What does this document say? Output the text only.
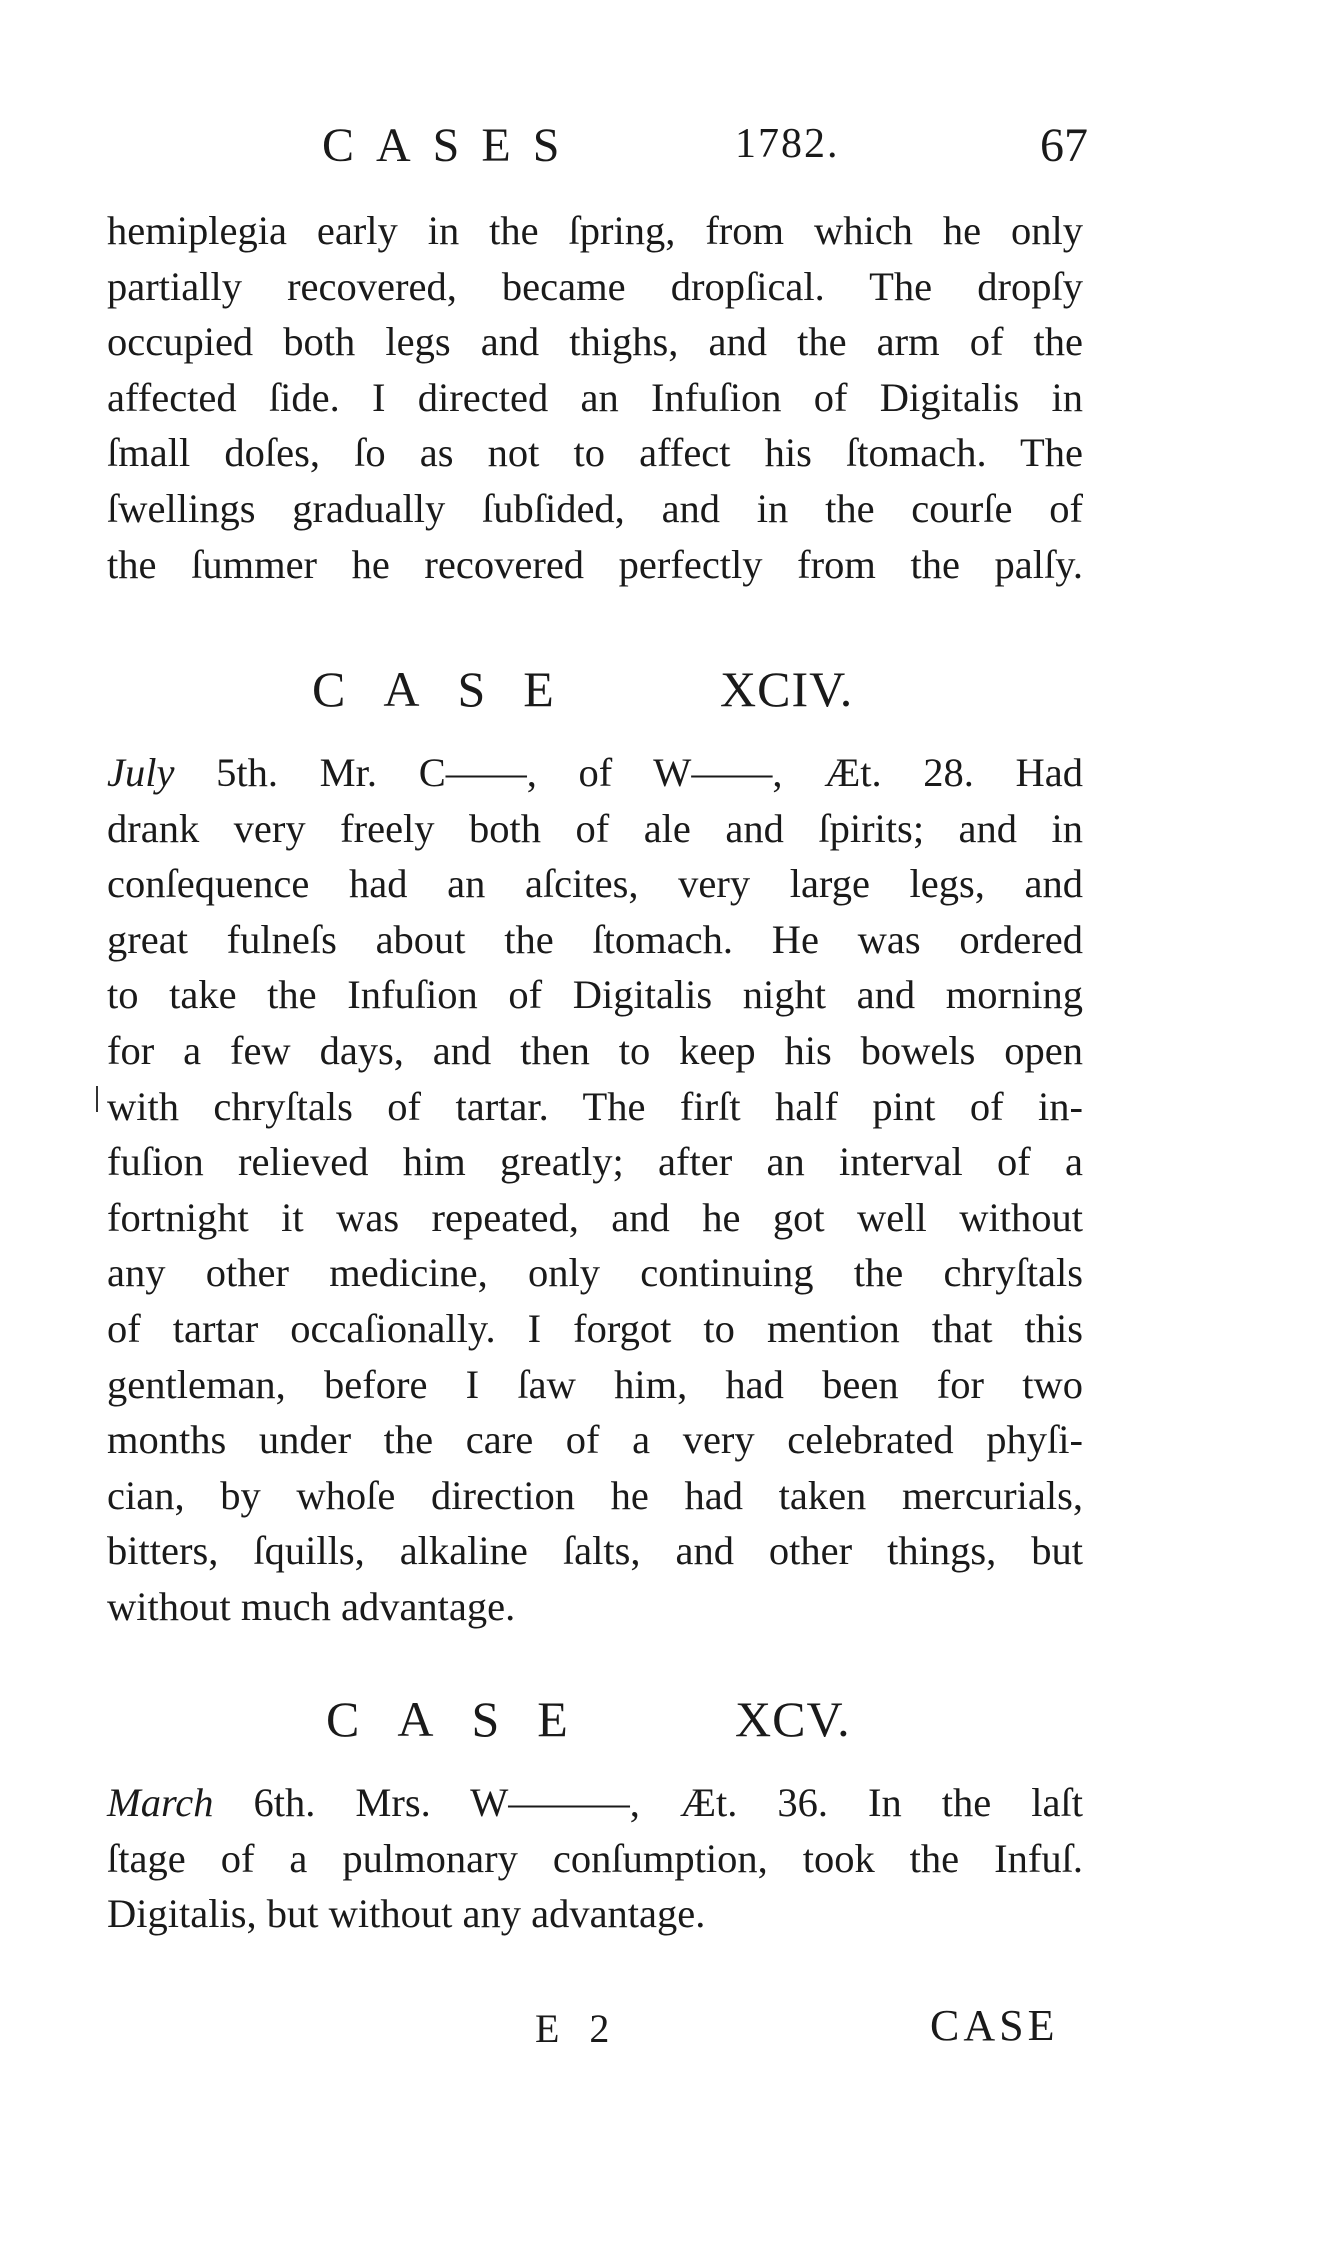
CASES	1782.	67
hemiplegia early in the ſpring, from which he only
partially recovered, became dropſical. The dropſy
occupied both legs and thighs, and the arm of the
affected ſide. I directed an Infuſion of Digitalis in
ſmall doſes, ſo as not to affect his ſtomach. The
ſwellings gradually ſubſided, and in the courſe of
the ſummer he recovered perfectly from the palſy.
CASE	XCIV.
July 5th. Mr. C——, of W——, Æt. 28. Had
drank very freely both of ale and ſpirits; and in
conſequence had an aſcites, very large legs, and
great fulneſs about the ſtomach. He was ordered
to take the Infuſion of Digitalis night and morning
for a few days, and then to keep his bowels open
with chryſtals of tartar. The firſt half pint of in-
fuſion relieved him greatly; after an interval of a
fortnight it was repeated, and he got well without
any other medicine, only continuing the chryſtals
of tartar occaſionally. I forgot to mention that this
gentleman, before I ſaw him, had been for two
months under the care of a very celebrated phyſi-
cian, by whoſe direction he had taken mercurials,
bitters, ſquills, alkaline ſalts, and other things, but
without much advantage.
CASE	XCV.
March 6th. Mrs. W———, Æt. 36. In the laſt
ſtage of a pulmonary conſumption, took the Infuſ.
Digitalis, but without any advantage.
E 2	CASE
